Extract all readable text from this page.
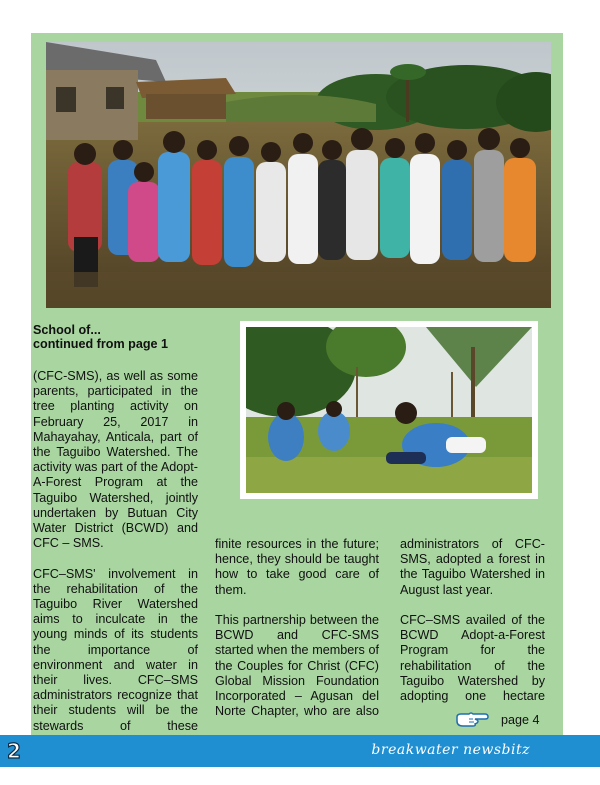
School of...
continued from page 1

(CFC-SMS), as well as some parents, participated in the tree planting activity on February 25, 2017 in Mahayahay, Anticala, part of the Taguibo Watershed. The activity was part of the Adopt-A-Forest Program at the Taguibo Watershed, jointly undertaken by Butuan City Water District (BCWD) and CFC – SMS.

CFC–SMS' involvement in the rehabilitation of the Taguibo River Watershed aims to inculcate in the young minds of its students the importance of environment and water in their lives. CFC–SMS administrators recognize that their students will be the stewards of these

finite resources in the future; hence, they should be taught how to take good care of them.

This partnership between the BCWD and CFC-SMS started when the members of the Couples for Christ (CFC) Global Mission Foundation Incorporated – Agusan del Norte Chapter, who are also

administrators of CFC-SMS, adopted a forest in the Taguibo Watershed in August last year.

CFC–SMS availed of the BCWD Adopt-a-Forest Program for the rehabilitation of the Taguibo Watershed by adopting one hectare

page 4
2	breakwater newsbitz
